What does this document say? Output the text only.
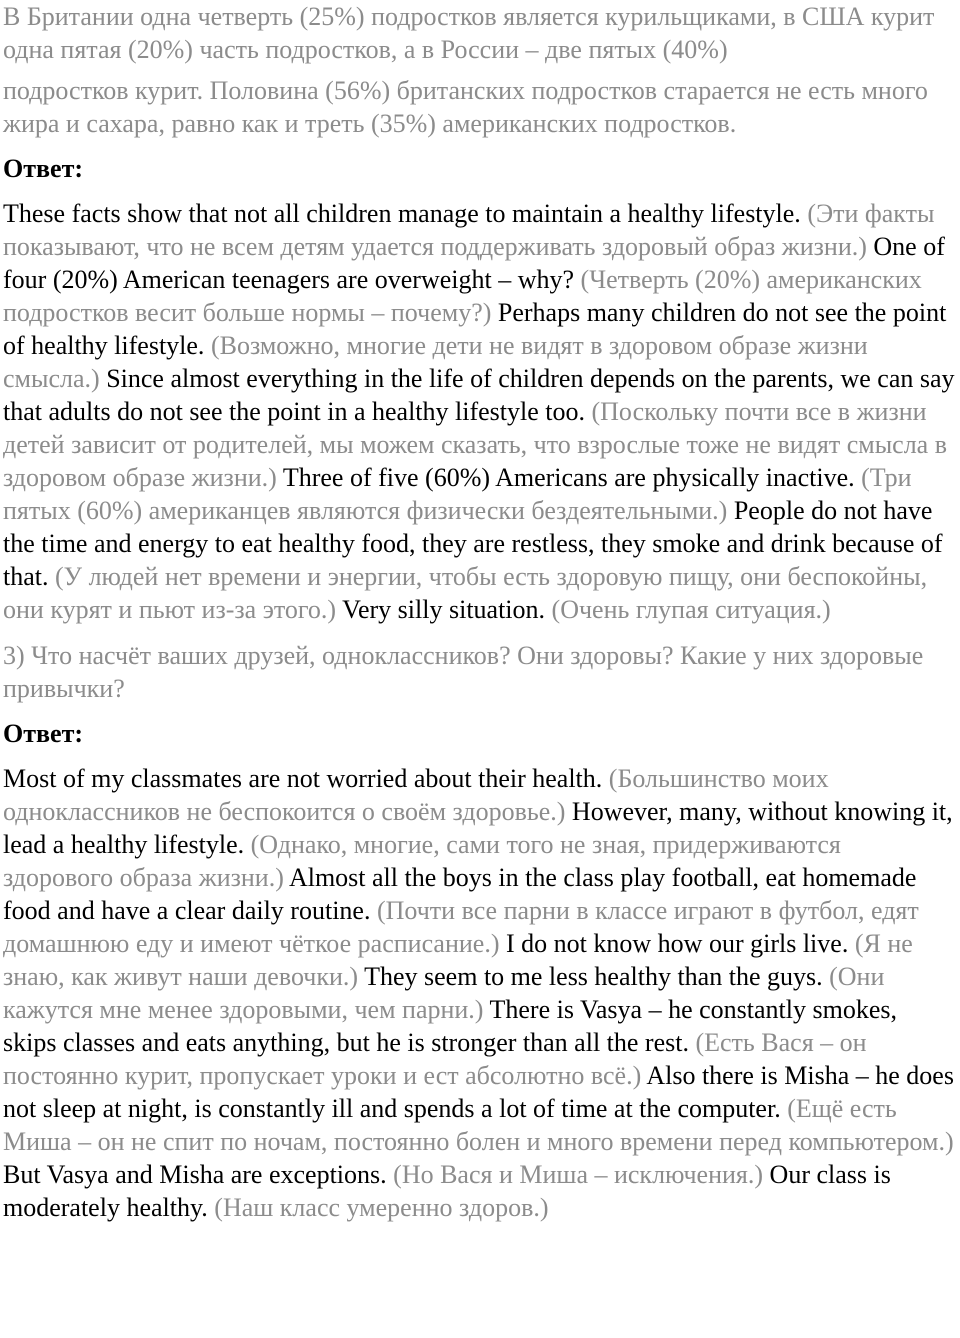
В Британии одна четверть (25%) подростков является курильщиками, в США курит одна пятая (20%) часть подростков, а в России – две пятых (40%)

подростков курит. Половина (56%) британских подростков старается не есть много жира и сахара, равно как и треть (35%) американских подростков.

Ответ:

These facts show that not all children manage to maintain a healthy lifestyle. (Эти факты показывают, что не всем детям удается поддерживать здоровый образ жизни.) One of four (20%) American teenagers are overweight – why? (Четверть (20%) американских подростков весит больше нормы – почему?) Perhaps many children do not see the point of healthy lifestyle. (Возможно, многие дети не видят в здоровом образе жизни смысла.) Since almost everything in the life of children depends on the parents, we can say that adults do not see the point in a healthy lifestyle too. (Поскольку почти все в жизни детей зависит от родителей, мы можем сказать, что взрослые тоже не видят смысла в здоровом образе жизни.) Three of five (60%) Americans are physically inactive. (Три пятых (60%) американцев являются физически бездеятельными.) People do not have the time and energy to eat healthy food, they are restless, they smoke and drink because of that. (У людей нет времени и энергии, чтобы есть здоровую пищу, они беспокойны, они курят и пьют из-за этого.) Very silly situation. (Очень глупая ситуация.)

3) Что насчёт ваших друзей, одноклассников? Они здоровы? Какие у них здоровые привычки?

Ответ:

Most of my classmates are not worried about their health. (Большинство моих одноклассников не беспокоится о своём здоровье.) However, many, without knowing it, lead a healthy lifestyle. (Однако, многие, сами того не зная, придерживаются здорового образа жизни.) Almost all the boys in the class play football, eat homemade food and have a clear daily routine. (Почти все парни в классе играют в футбол, едят домашнюю еду и имеют чёткое расписание.) I do not know how our girls live. (Я не знаю, как живут наши девочки.) They seem to me less healthy than the guys. (Они кажутся мне менее здоровыми, чем парни.) There is Vasya – he constantly smokes, skips classes and eats anything, but he is stronger than all the rest. (Есть Вася – он постоянно курит, пропускает уроки и ест абсолютно всё.) Also there is Misha – he does not sleep at night, is constantly ill and spends a lot of time at the computer. (Ещё есть Миша – он не спит по ночам, постоянно болен и много времени перед компьютером.) But Vasya and Misha are exceptions. (Но Вася и Миша – исключения.) Our class is moderately healthy. (Наш класс умеренно здоров.)
